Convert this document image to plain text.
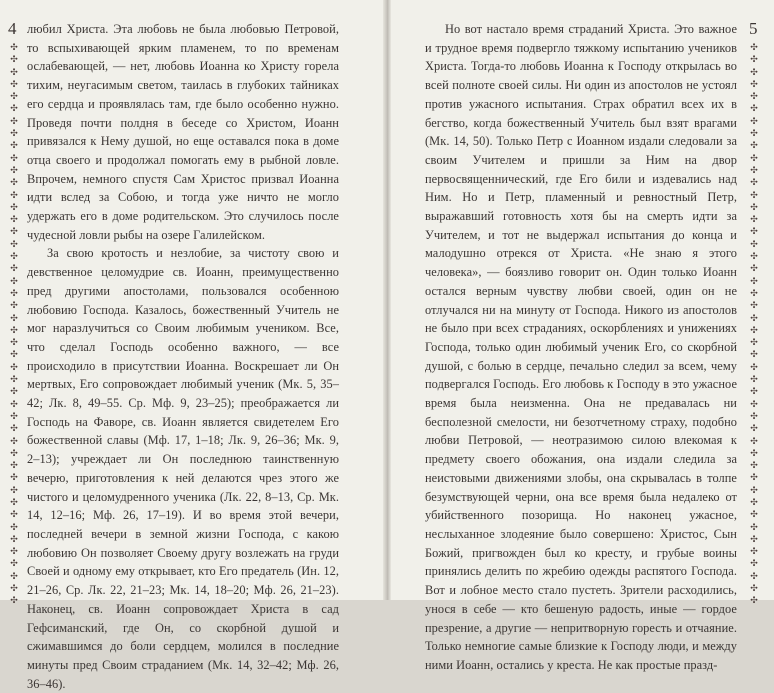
4
✣
✣
✣
✣
✣
✣
✣
✣
✣
✣
✣
✣
✣
✣
✣
✣
✣
✣
✣
✣
✣
✣
✣
✣
✣
✣
✣
✣
✣
✣
✣
✣
✣
✣
✣
✣
✣
✣
✣
✣
✣
✣
✣
✣
✣
✣

любил Христа. Эта любовь не была любовью Петровой, то вспыхивающей ярким пламенем, то по временам ослабевающей, — нет, любовь Иоанна ко Христу горела тихим, неугасимым светом, таилась в глубоких тайниках его сердца и проявлялась там, где было особенно нужно. Проведя почти полдня в беседе со Христом, Иоанн привязался к Нему душой, но еще оставался пока в доме отца своего и продолжал помогать ему в рыбной ловле. Впрочем, немного спустя Сам Христос призвал Иоанна идти вслед за Собою, и тогда уже ничто не могло удержать его в доме родительском. Это случилось после чудесной ловли рыбы на озере Галилейском.

За свою кротость и незлобие, за чистоту свою и девственное целомудрие св. Иоанн, преимущественно пред другими апостолами, пользовался особенною любовию Господа. Казалось, божественный Учитель не мог наразлучиться со Своим любимым учеником. Все, что сделал Господь особенно важного, — все происходило в присутствии Иоанна. Воскрешает ли Он мертвых, Его сопровождает любимый ученик (Мк. 5, 35–42; Лк. 8, 49–55. Ср. Мф. 9, 23–25); преображается ли Господь на Фаворе, св. Иоанн является свидетелем Его божественной славы (Мф. 17, 1–18; Лк. 9, 26–36; Мк. 9, 2–13); учреждает ли Он последнюю таинственную вечерю, приготовления к ней делаются чрез этого же чистого и целомудренного ученика (Лк. 22, 8–13, Ср. Мк. 14, 12–16; Мф. 26, 17–19). И во время этой вечери, последней вечери в земной жизни Господа, с какою любовию Он позволяет Своему другу возлежать на груди Своей и одному ему открывает, кто Его предатель (Ин. 12, 21–26, Ср. Лк. 22, 21–23; Мк. 14, 18–20; Мф. 26, 21–23). Наконец, св. Иоанн сопровождает Христа в сад Гефсиманский, где Он, со скорбной душой и сжимавшимся до боли сердцем, молился в последние минуты пред Своим страданием (Мк. 14, 32–42; Мф. 26, 36–46).

5
✣
✣
✣
✣
✣
✣
✣
✣
✣
✣
✣
✣
✣
✣
✣
✣
✣
✣
✣
✣
✣
✣
✣
✣
✣
✣
✣
✣
✣
✣
✣
✣
✣
✣
✣
✣
✣
✣
✣
✣
✣
✣
✣
✣
✣
✣

Но вот настало время страданий Христа. Это важное и трудное время подвергло тяжкому испытанию учеников Христа. Тогда-то любовь Иоанна к Господу открылась во всей полноте своей силы. Ни один из апостолов не устоял против ужасного испытания. Страх обратил всех их в бегство, когда божественный Учитель был взят врагами (Мк. 14, 50). Только Петр с Иоанном издали следовали за своим Учителем и пришли за Ним на двор первосвященнический, где Его били и издевались над Ним. Но и Петр, пламенный и ревностный Петр, выражавший готовность хотя бы на смерть идти за Учителем, и тот не выдержал испытания до конца и малодушно отрекся от Христа. «Не знаю я этого человека», — боязливо говорит он. Один только Иоанн остался верным чувству любви своей, один он не отлучался ни на минуту от Господа. Никого из апостолов не было при всех страданиях, оскорблениях и унижениях Господа, только один любимый ученик Его, со скорбной душой, с болью в сердце, печально следил за всем, чему подвергался Господь. Его любовь к Господу в это ужасное время была неизменна. Она не предавалась ни бесполезной смелости, ни безотчетному страху, подобно любви Петровой, — неотразимою силою влекомая к предмету своего обожания, она издали следила за неистовыми движениями злобы, она скрывалась в толпе безумствующей черни, она все время была недалеко от убийственного позорища. Но наконец ужасное, неслыханное злодеяние было совершено: Христос, Сын Божий, пригвожден был ко кресту, и грубые воины принялись делить по жребию одежды распятого Господа. Вот и лобное место стало пустеть. Зрители расходились, унося в себе — кто бешеную радость, иные — гордое презрение, а другие — непритворную горесть и отчаяние. Только немногие самые близкие к Господу люди, и между ними Иоанн, остались у креста. Не как простые празд-
